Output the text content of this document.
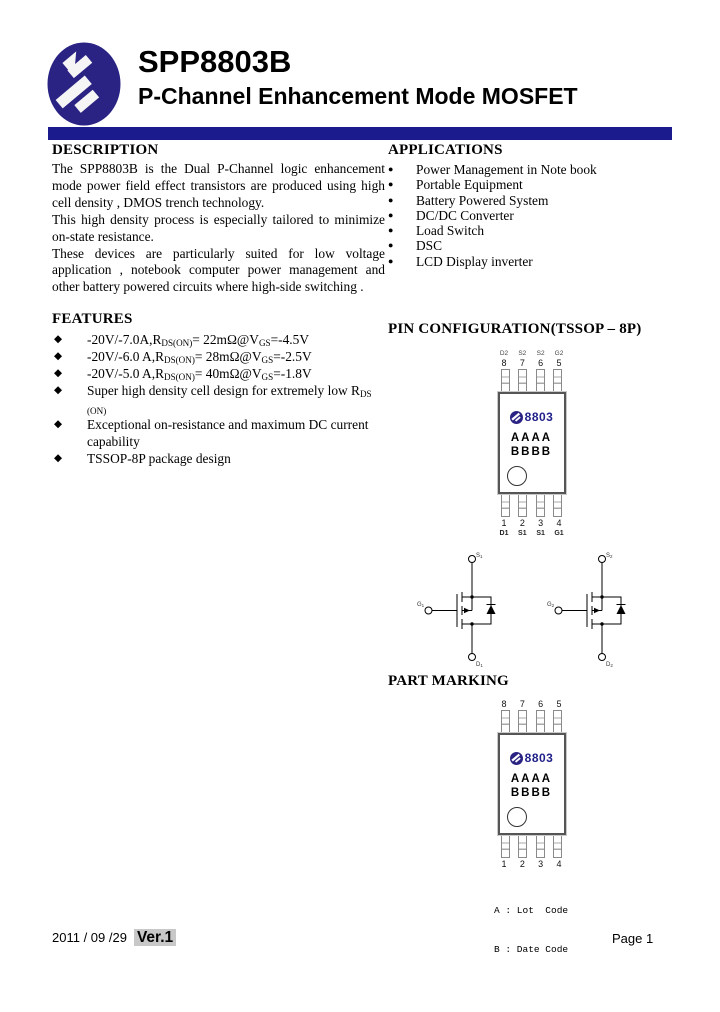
SPP8803B
P-Channel Enhancement Mode MOSFET
DESCRIPTION

The SPP8803B is the Dual P-Channel logic enhancement mode power field effect transistors are produced using high cell density , DMOS trench technology.

This high density process is especially tailored to minimize on-state resistance.

These devices are particularly suited for low voltage application , notebook computer power management and other battery powered circuits where high-side switching .

FEATURES
◆	$-20V/-7.0A,R_{DS(ON)}=$ $22m\Omega@V_{GS}=-4.5V$
◆	-20V/-6.0 $A,R_{DS(ON)}=$ $28m\Omega@V_{GS}=-2.5V$
◆	-20V/-5.0 $A,R_{DS(ON)}=$ $40m\Omega@V_{GS}=-1.8V$
◆	Super high density cell design for extremely low $R_{DS (ON)}$
◆	Exceptional on-resistance and maximum DC current capability
◆	TSSOP-8P package design
APPLICATIONS
●	Power Management in Note book
●	Portable Equipment
●	Battery Powered System
●	DC/DC Converter
●	Load Switch
●	DSC
●	LCD Display inverter
PIN CONFIGURATION(TSSOP – 8P)
D2	S2	S2	G2
8	7	6	5
8803
AAAA
BBBB
1	2	3	4
D1	S1	S1	G1
S1
G1
D1
S2
G2
D2
PART MARKING
8	7	6	5
8803
AAAA
BBBB
1	2	3	4

A : Lot  Code

B : Date Code

2011 / 09 /29 Ver.1	Page 1
